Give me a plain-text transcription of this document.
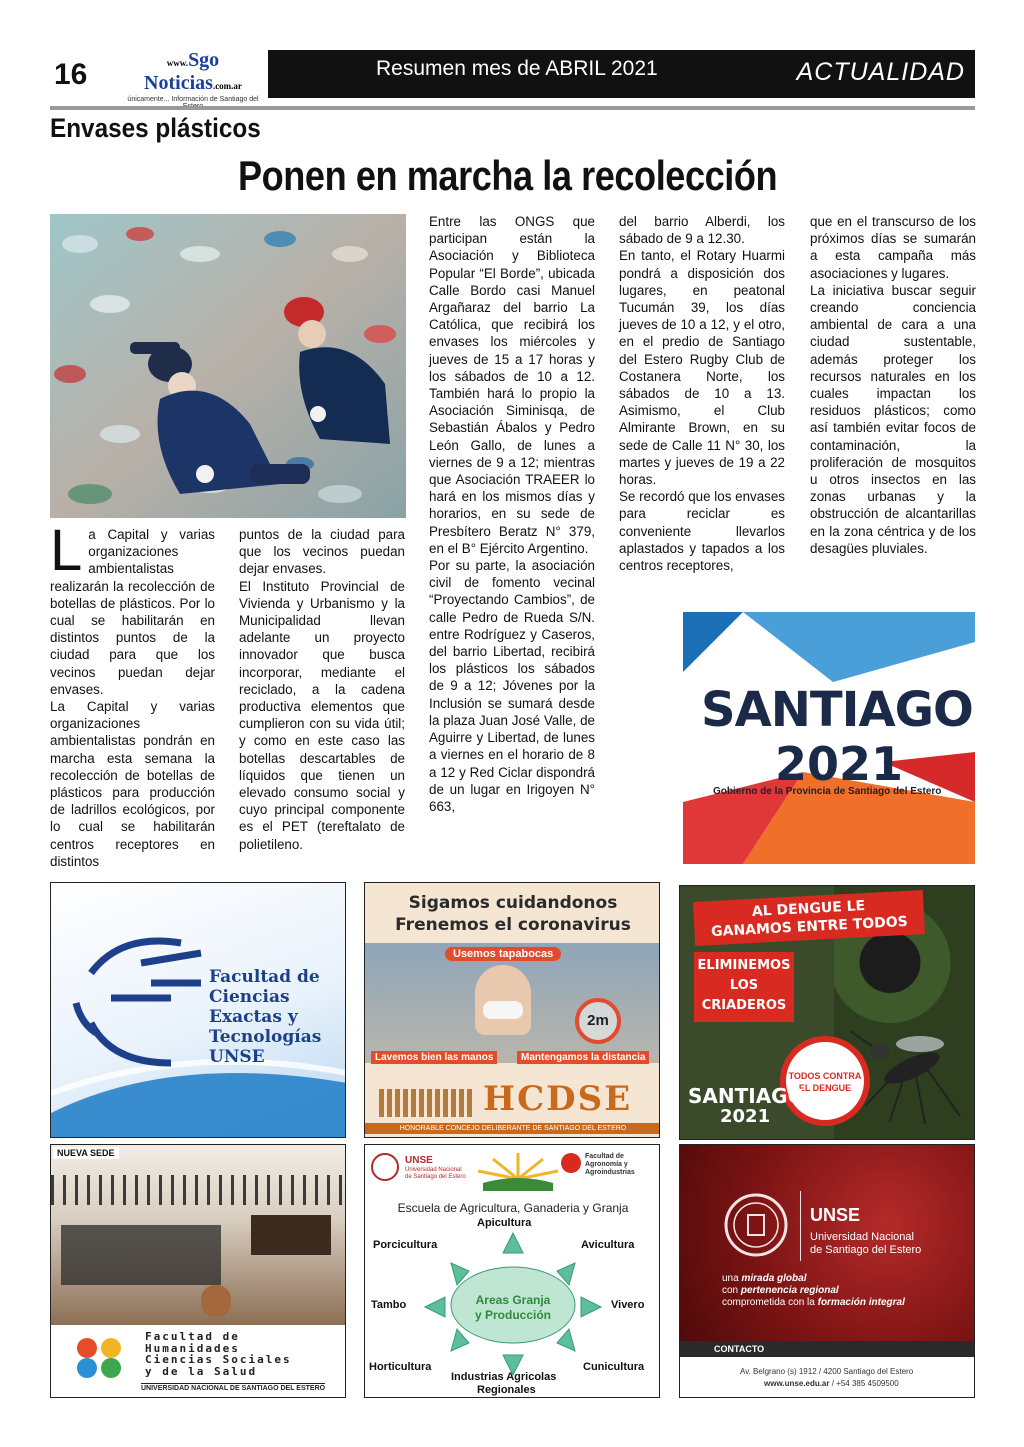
16	www.Sgo Noticias.com.ar
únicamente... Información de Santiago del
Resumen mes de ABRIL 2021	ACTUALIDAD
Envases plásticos
Ponen en marcha la recolección
L a Capital y varias organizaciones ambientalistas realizarán la recolección de botellas de plásticos. Por lo cual se habilitarán en distintos puntos de la ciudad para que los vecinos puedan dejar envases.

La Capital y varias organizaciones ambientalistas pondrán en marcha esta semana la recolección de botellas de plásticos para producción de ladrillos ecológicos, por lo cual se habilitarán centros receptores en distintos

puntos de la ciudad para que los vecinos puedan dejar envases.

El Instituto Provincial de Vivienda y Urbanismo y la Municipalidad llevan adelante un proyecto innovador que busca incorporar, mediante el reciclado, a la cadena productiva elementos que cumplieron con su vida útil; y como en este caso las botellas descartables de líquidos que tienen un elevado consumo social y cuyo principal componente es el PET (tereftalato de polietileno.

Entre las ONGS que participan están la Asociación y Biblioteca Popular “El Borde”, ubicada Calle Bordo casi Manuel Argañaraz del barrio La Católica, que recibirá los envases los miércoles y jueves de 15 a 17 horas y los sábados de 10 a 12. También hará lo propio la Asociación Siminisqa, de Sebastián Ábalos y Pedro León Gallo, de lunes a viernes de 9 a 12; mientras que Asociación TRAEER lo hará en los mismos días y horarios, en su sede de Presbítero Beratz N° 379, en el B° Ejército Argentino.

Por su parte, la asociación civil de fomento vecinal “Proyectando Cambios”, de calle Pedro de Rueda S/N. entre Rodríguez y Caseros, del barrio Libertad, recibirá los plásticos los sábados de 9 a 12; Jóvenes por la Inclusión se sumará desde la plaza Juan José Valle, de Aguirre y Libertad, de lunes a viernes en el horario de 8 a 12 y Red Ciclar dispondrá de un lugar en Irigoyen N° 663,

del barrio Alberdi, los sábado de 9 a 12.30.

En tanto, el Rotary Huarmi pondrá a disposición dos lugares, en peatonal Tucumán 39, los días jueves de 10 a 12, y el otro, en el predio de Santiago del Estero Rugby Club de Costanera Norte, los sábados de 10 a 13. Asimismo, el Club Almirante Brown, en su sede de Calle 11 N° 30, los martes y jueves de 19 a 22 horas.

Se recordó que los envases para reciclar es conveniente llevarlos aplastados y tapados a los centros receptores,

que en el transcurso de los próximos días se sumarán a esta campaña más asociaciones y lugares.

La iniciativa buscar seguir creando conciencia ambiental de cara a una ciudad sustentable, además proteger los recursos naturales en los cuales impactan los residuos plásticos; como así también evitar focos de contaminación, la proliferación de mosquitos u otros insectos en las zonas urbanas y la obstrucción de alcantarillas en la zona céntrica y de los desagües pluviales.

SANTIAGO
2021
Gobierno de la Provincia de Santiago del Estero
Facultad de
Ciencias
Exactas y
Tecnologías
UNSE
Sigamos cuidandonos
Frenemos el coronavirus
2m
Usemos tapabocas
Lavemos bien las manos	Mantengamos la distancia
HCDSE
HONORABLE CONCEJO DELIBERANTE DE SANTIAGO DEL ESTERO
AL DENGUE LE
GANAMOS ENTRE TODOS
ELIMINEMOS
LOS
CRIADEROS
TODOS CONTRA
EL DENGUE
SANTIAGO
2021
NUEVA SEDE
Facultad de
Humanidades
Ciencias Sociales
y de la Salud
UNIVERSIDAD NACIONAL DE SANTIAGO DEL ESTERO
UNSE
Universidad Nacional de Santiago del Estero
Facultad de Agronomía y Agroindustrias
Escuela de Agricultura, Ganaderia y Granja
Areas Granja
y Producción
Apicultura
Avicultura
Vivero
Cunicultura
Industrias Agricolas
Regionales
Horticultura
Tambo
Porcicultura
UNSE
Universidad Nacional
de Santiago del Estero
una mirada global
con pertenencia regional
comprometida con la formación integral
CONTACTO
Av. Belgrano (s) 1912 / 4200 Santiago del Estero
www.unse.edu.ar / +54 385 4509500
